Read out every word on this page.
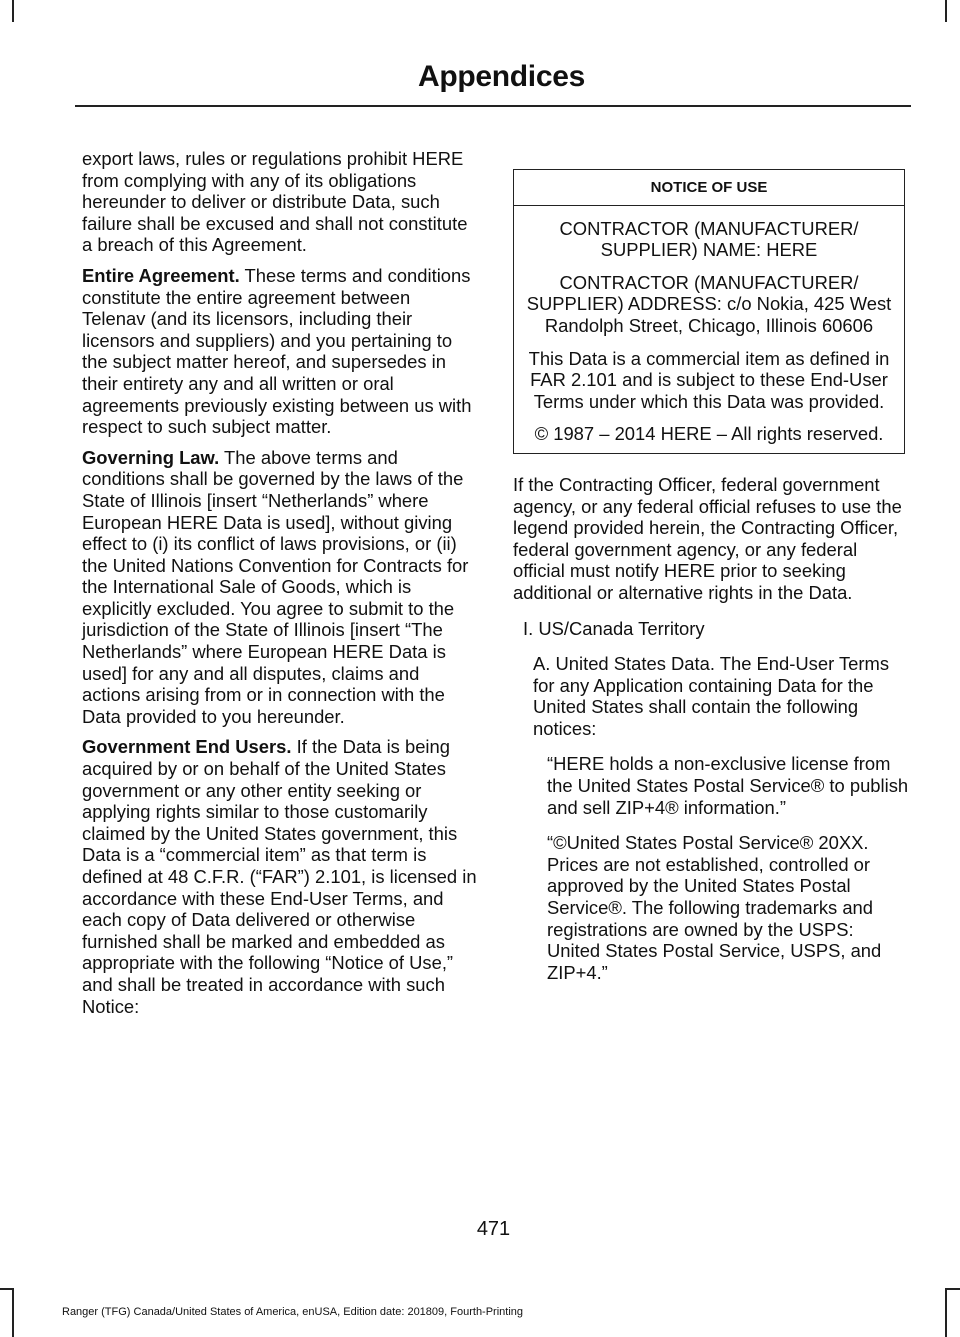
Appendices

export laws, rules or regulations prohibit HERE from complying with any of its obligations hereunder to deliver or distribute Data, such failure shall be excused and shall not constitute a breach of this Agreement.

Entire Agreement. These terms and conditions constitute the entire agreement between Telenav (and its licensors, including their licensors and suppliers) and you pertaining to the subject matter hereof, and supersedes in their entirety any and all written or oral agreements previously existing between us with respect to such subject matter.

Governing Law. The above terms and conditions shall be governed by the laws of the State of Illinois [insert “Netherlands” where European HERE Data is used], without giving effect to (i) its conflict of laws provisions, or (ii) the United Nations Convention for Contracts for the International Sale of Goods, which is explicitly excluded. You agree to submit to the jurisdiction of the State of Illinois [insert “The Netherlands” where European HERE Data is used] for any and all disputes, claims and actions arising from or in connection with the Data provided to you hereunder.

Government End Users. If the Data is being acquired by or on behalf of the United States government or any other entity seeking or applying rights similar to those customarily claimed by the United States government, this Data is a “commercial item” as that term is defined at 48 C.F.R. (“FAR”) 2.101, is licensed in accordance with these End-User Terms, and each copy of Data delivered or otherwise furnished shall be marked and embedded as appropriate with the following “Notice of Use,” and shall be treated in accordance with such Notice:

NOTICE OF USE

CONTRACTOR (MANUFACTURER/ SUPPLIER) NAME: HERE

CONTRACTOR (MANUFACTURER/ SUPPLIER) ADDRESS: c/o Nokia, 425 West Randolph Street, Chicago, Illinois 60606

This Data is a commercial item as defined in FAR 2.101 and is subject to these End-User Terms under which this Data was provided.

© 1987 – 2014 HERE – All rights reserved.

If the Contracting Officer, federal government agency, or any federal official refuses to use the legend provided herein, the Contracting Officer, federal government agency, or any federal official must notify HERE prior to seeking additional or alternative rights in the Data.

I. US/Canada Territory

A. United States Data. The End-User Terms for any Application containing Data for the United States shall contain the following notices:

“HERE holds a non-exclusive license from the United States Postal Service® to publish and sell ZIP+4® information.”

“©United States Postal Service® 20XX. Prices are not established, controlled or approved by the United States Postal Service®. The following trademarks and registrations are owned by the USPS: United States Postal Service, USPS, and ZIP+4.”

471
Ranger (TFG) Canada/United States of America, enUSA, Edition date: 201809, Fourth-Printing
